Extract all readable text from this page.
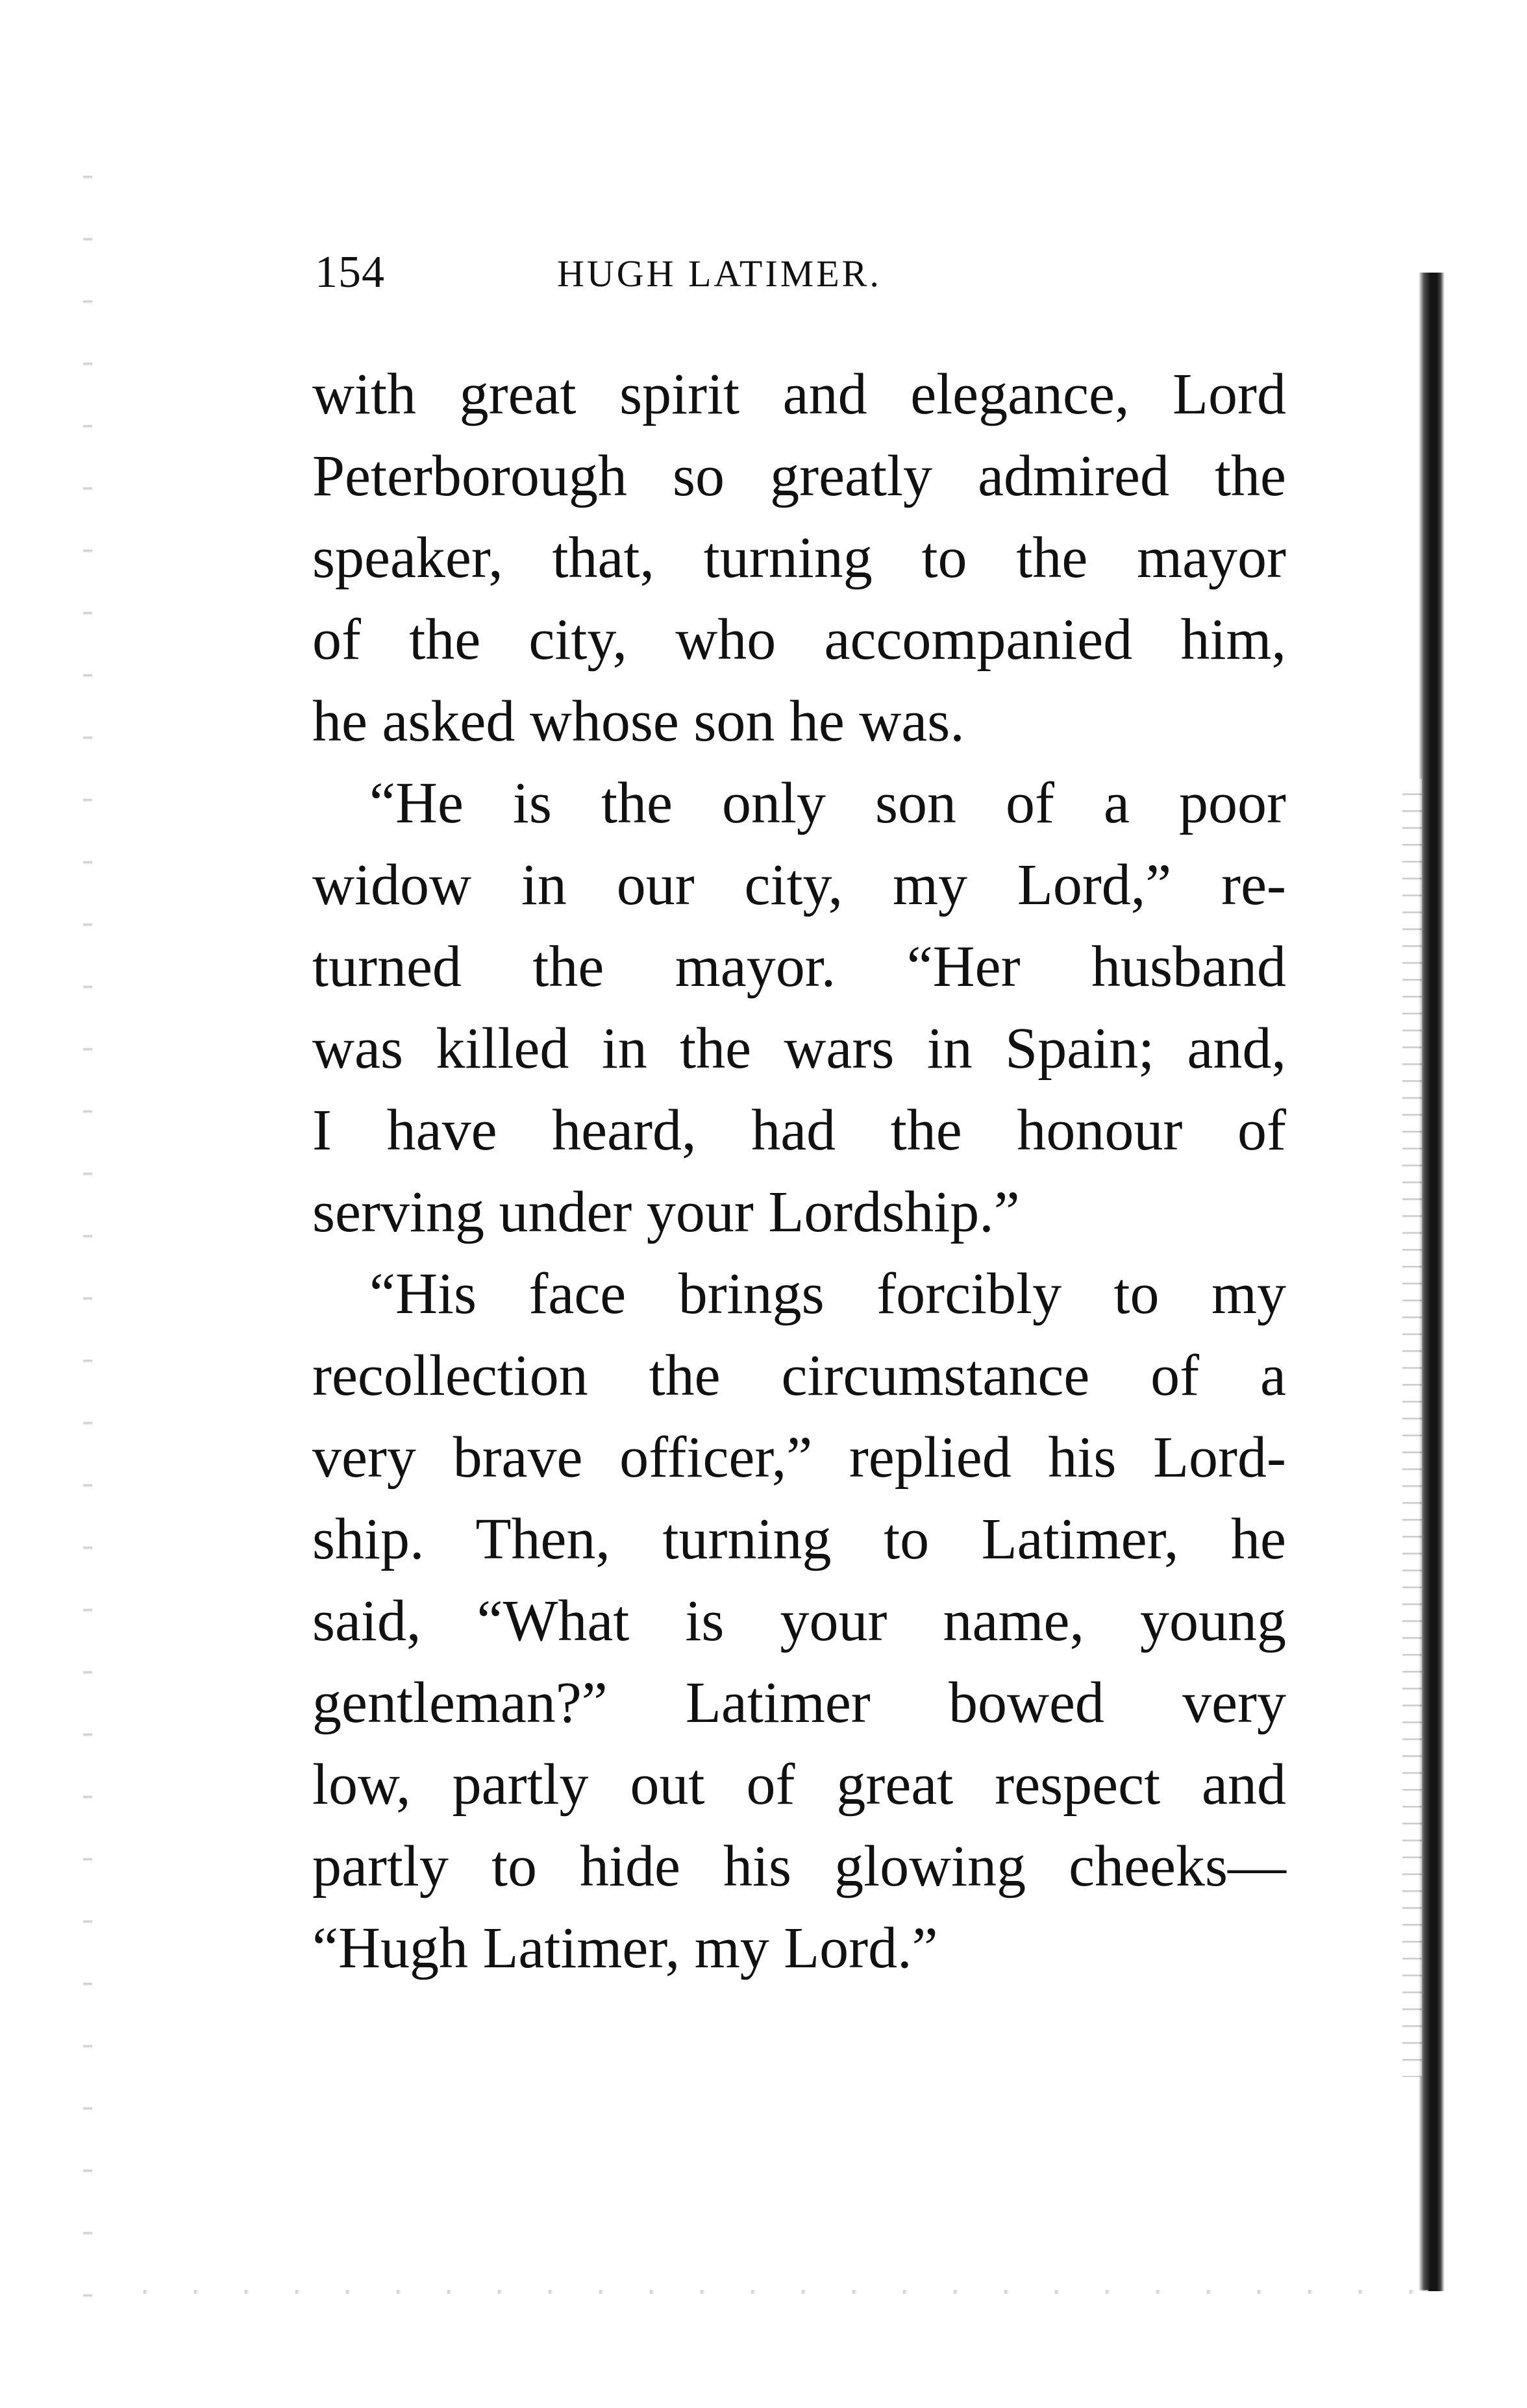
154	HUGH LATIMER.
with great spirit and elegance, Lord
Peterborough so greatly admired the
speaker, that, turning to the mayor
of the city, who accompanied him,
he asked whose son he was.
“He is the only son of a poor
widow in our city, my Lord,” re-
turned the mayor. “Her husband
was killed in the wars in Spain; and,
I have heard, had the honour of
serving under your Lordship.”
“His face brings forcibly to my
recollection the circumstance of a
very brave officer,” replied his Lord-
ship. Then, turning to Latimer, he
said, “What is your name, young
gentleman?” Latimer bowed very
low, partly out of great respect and
partly to hide his glowing cheeks—
“Hugh Latimer, my Lord.”
